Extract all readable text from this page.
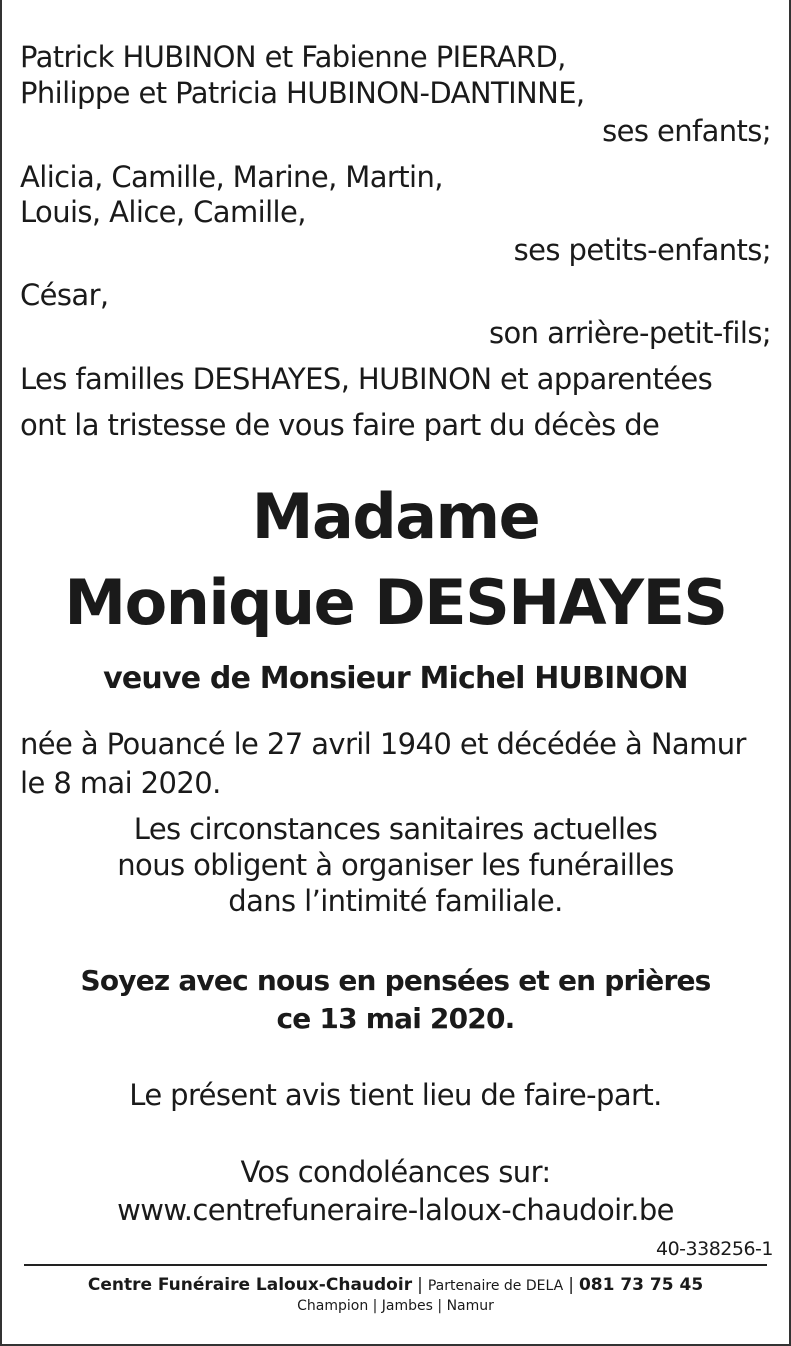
Patrick HUBINON et Fabienne PIERARD,
Philippe et Patricia HUBINON-DANTINNE,
ses enfants;
Alicia, Camille, Marine, Martin,
Louis, Alice, Camille,
ses petits-enfants;
César,
son arrière-petit-fils;
Les familles DESHAYES, HUBINON et apparentées
ont la tristesse de vous faire part du décès de
Madame
Monique DESHAYES
veuve de Monsieur Michel HUBINON
née à Pouancé le 27 avril 1940 et décédée à Namur
le 8 mai 2020.
Les circonstances sanitaires actuelles
nous obligent à organiser les funérailles
dans l’intimité familiale.
Soyez avec nous en pensées et en prières
ce 13 mai 2020.
Le présent avis tient lieu de faire-part.
Vos condoléances sur:
www.centrefuneraire-laloux-chaudoir.be
40-338256-1
Centre Funéraire Laloux-Chaudoir | Partenaire de DELA | 081 73 75 45
Champion | Jambes | Namur
